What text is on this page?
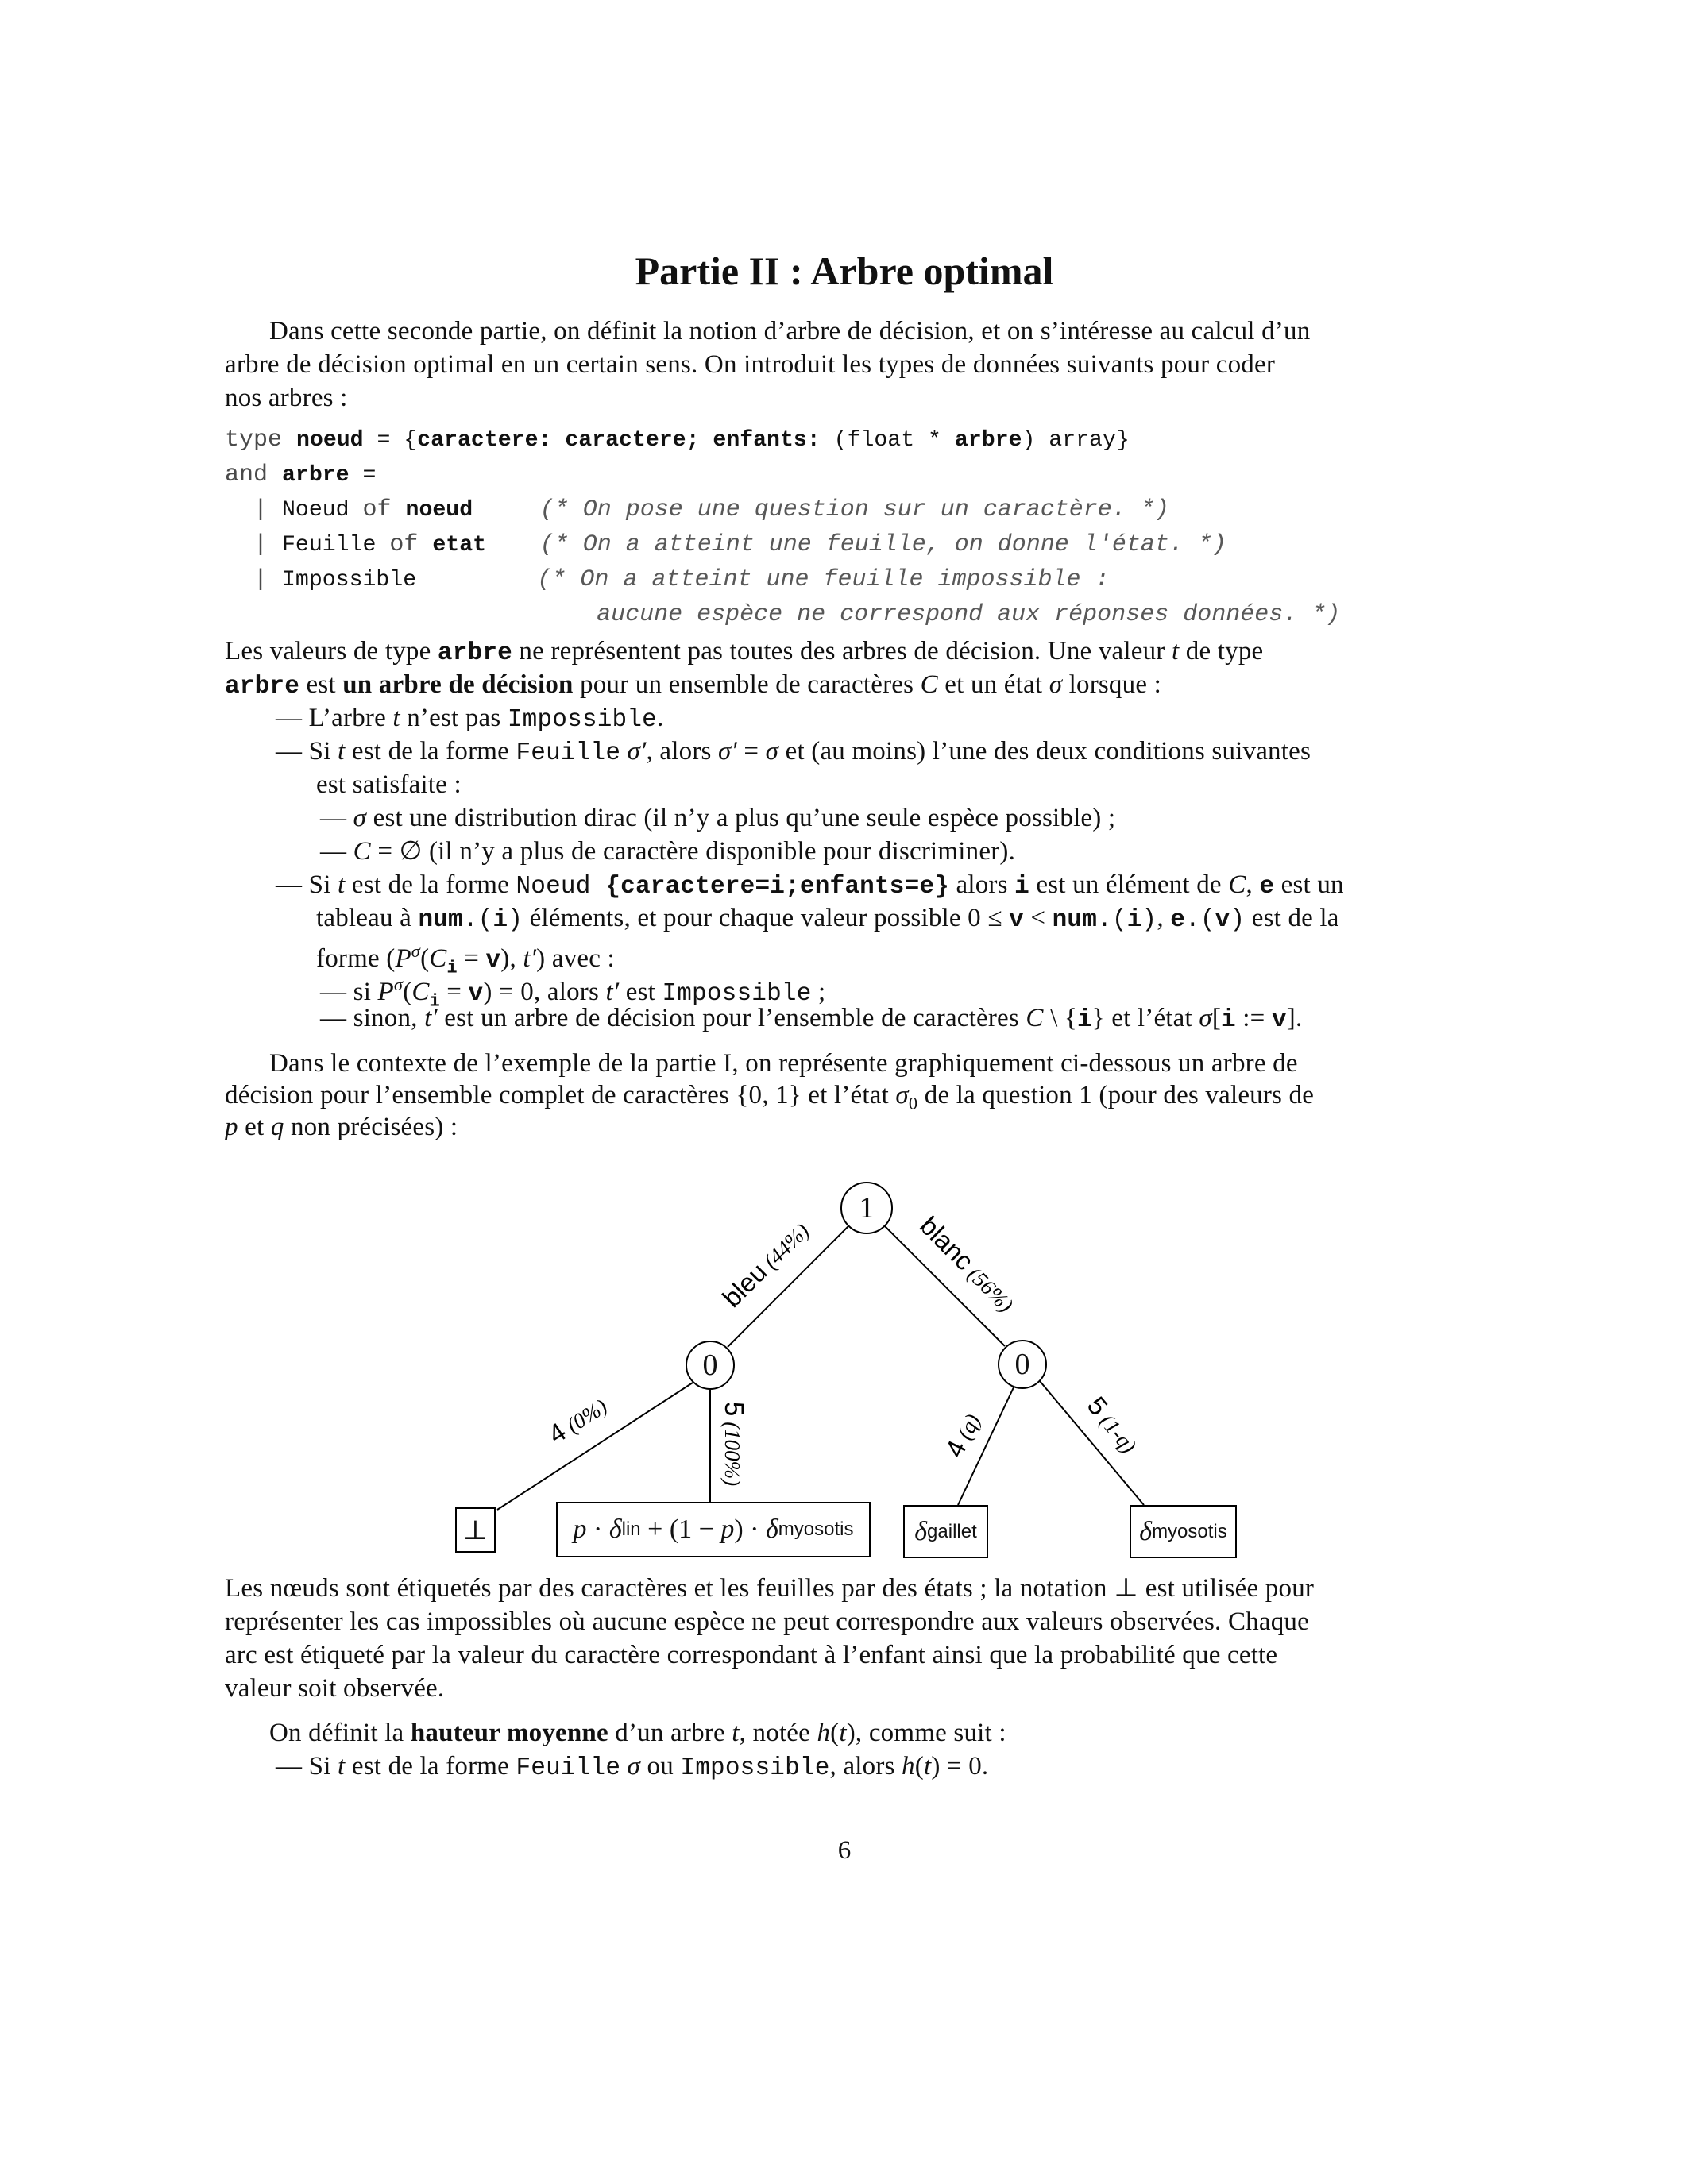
Partie II : Arbre optimal
Dans cette seconde partie, on définit la notion d’arbre de décision, et on s’intéresse au calcul d’un
arbre de décision optimal en un certain sens. On introduit les types de données suivants pour coder
nos arbres :
type noeud = {caractere: caractere; enfants: (float * arbre) array}
and arbre =
| Noeud of noeud	(* On pose une question sur un caractère. *)
| Feuille of etat (* On a atteint une feuille, on donne l'état. *)
| Impossible	(* On a atteint une feuille impossible :
aucune espèce ne correspond aux réponses données. *)
Les valeurs de type arbre ne représentent pas toutes des arbres de décision. Une valeur t de type
arbre est un arbre de décision pour un ensemble de caractères C et un état σ lorsque :
— L’arbre t n’est pas Impossible.
— Si t est de la forme Feuille σ′, alors σ′ = σ et (au moins) l’une des deux conditions suivantes
est satisfaite :
— σ est une distribution dirac (il n’y a plus qu’une seule espèce possible) ;
— C = ∅ (il n’y a plus de caractère disponible pour discriminer).
— Si t est de la forme Noeud {caractere=i;enfants=e} alors i est un élément de C, e est un
tableau à num.(i) éléments, et pour chaque valeur possible 0 ≤ v < num.(i), e.(v) est de la
forme ($P^\sigma(C_i = v)$, t′) avec :
— si $P^\sigma(C_i = v) = 0$, alors t′ est Impossible ;
— sinon, t′ est un arbre de décision pour l’ensemble de caractères C \ {i} et l’état σ[i := v].
Dans le contexte de l’exemple de la partie I, on représente graphiquement ci-dessous un arbre de
décision pour l’ensemble complet de caractères {0, 1} et l’état $\sigma_0$ de la question 1 (pour des valeurs de
p et q non précisées) :
Les nœuds sont étiquetés par des caractères et les feuilles par des états ; la notation ⊥ est utilisée pour
représenter les cas impossibles où aucune espèce ne peut correspondre aux valeurs observées. Chaque
arc est étiqueté par la valeur du caractère correspondant à l’enfant ainsi que la probabilité que cette
valeur soit observée.
On définit la hauteur moyenne d’un arbre t, notée h(t), comme suit :
— Si t est de la forme Feuille σ ou Impossible, alors h(t) = 0.
1
0	0
⊥	p · δ lin + (1 − p ) · δ myosotis δ gaillet	δ myosotis
bleu(44%)	blanc(56%)
4(0%)	5(100%)	4(q)
5(1-q)
6
